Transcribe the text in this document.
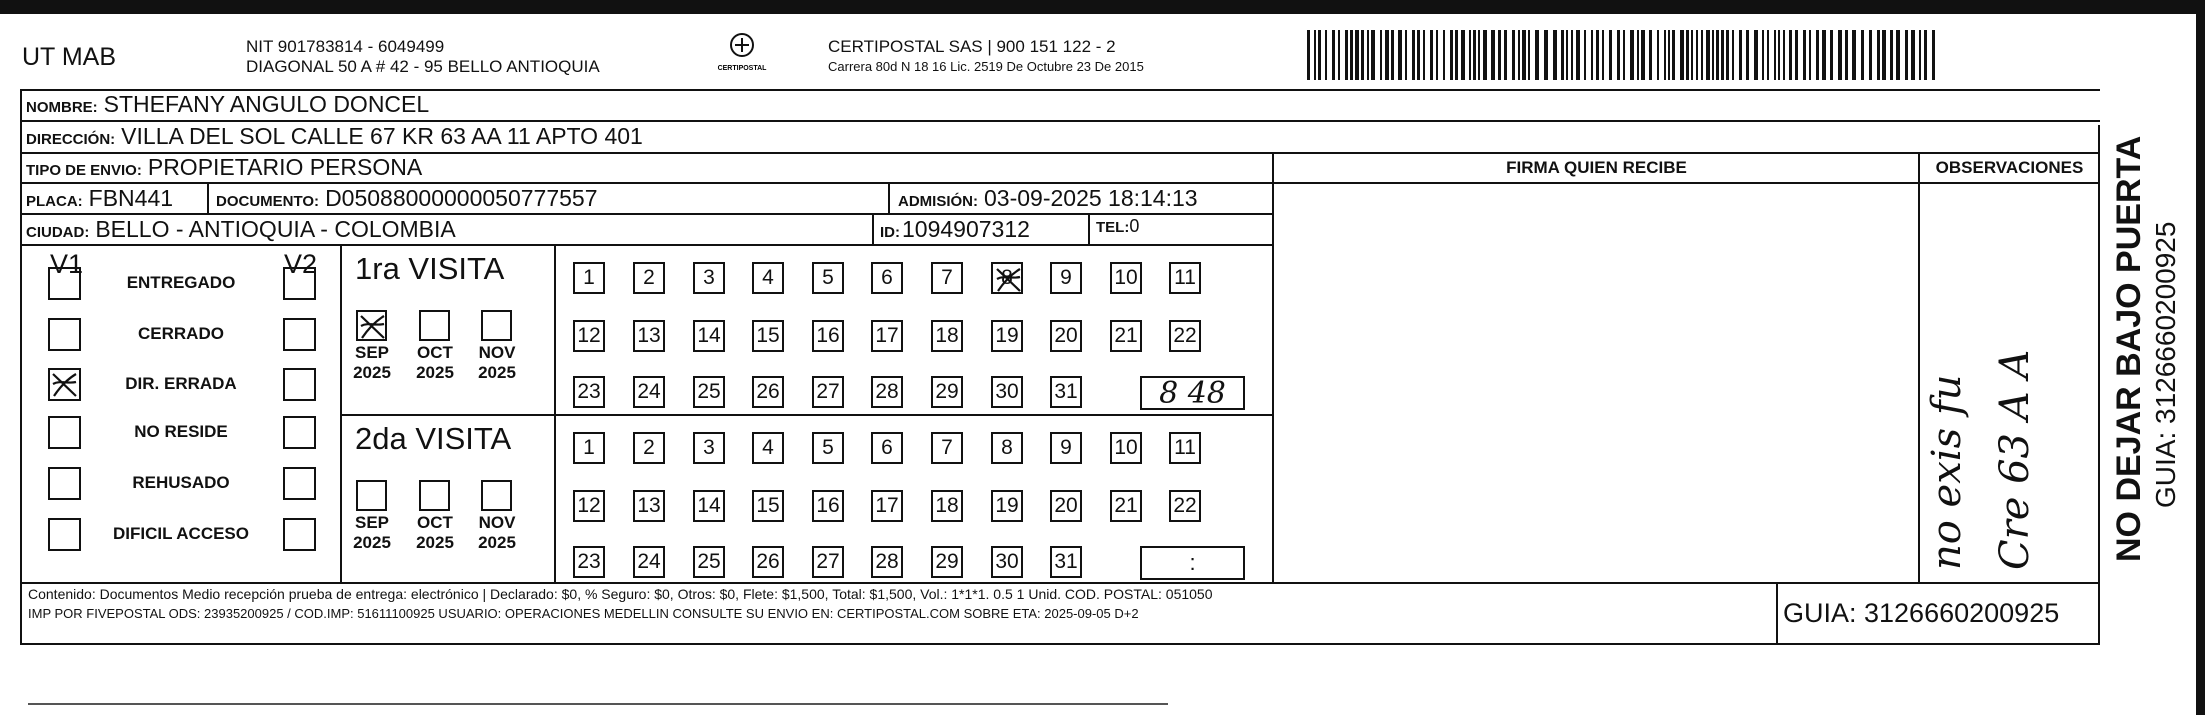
UT MAB	NIT 901783814 - 6049499
DIAGONAL 50 A # 42 - 95 BELLO ANTIOQUIA	CERTIPOSTAL
CERTIPOSTAL SAS | 900 151 122 - 2
Carrera 80d N 18 16 Lic. 2519 De Octubre 23 De 2015
NOMBRE: STHEFANY ANGULO DONCEL
DIRECCIÓN: VILLA DEL SOL CALLE 67 KR 63 AA 11 APTO 401
TIPO DE ENVIO: PROPIETARIO PERSONA
PLACA: FBN441	DOCUMENTO: D05088000000050777557	ADMISIÓN: 03-09-2025 18:14:13
CIUDAD: BELLO - ANTIOQUIA - COLOMBIA	ID: 1094907312	TEL: 0
FIRMA QUIEN RECIBE	OBSERVACIONES
no exis fu Cre 63 A A
V1	V2
ENTREGADO
CERRADO
DIR. ERRADA
NO RESIDE
REHUSADO
DIFICIL ACCESO
1ra VISITA
SEP
2025
OCT
2025
NOV
2025
1 2 3 4 5 6 7 8 9 10 11
12 13 14 15 16 17 18 19 20 21 22
23 24 25 26 27 28 29 30 31	8 48
2da VISITA
SEP
2025
OCT
2025
NOV
2025
1 2 3 4 5 6 7 8 9 10 11
12 13 14 15 16 17 18 19 20 21 22
23 24 25 26 27 28 29 30 31	:
Contenido: Documentos Medio recepción prueba de entrega: electrónico | Declarado: $0, % Seguro: $0, Otros: $0, Flete: $1,500, Total: $1,500, Vol.: 1*1*1. 0.5 1 Unid. COD. POSTAL: 051050
IMP POR FIVEPOSTAL ODS: 23935200925 / COD.IMP: 51611100925 USUARIO: OPERACIONES MEDELLIN CONSULTE SU ENVIO EN: CERTIPOSTAL.COM SOBRE ETA: 2025-09-05 D+2	GUIA: 3126660200925
NO DEJAR BAJO PUERTA GUIA: 3126660200925
